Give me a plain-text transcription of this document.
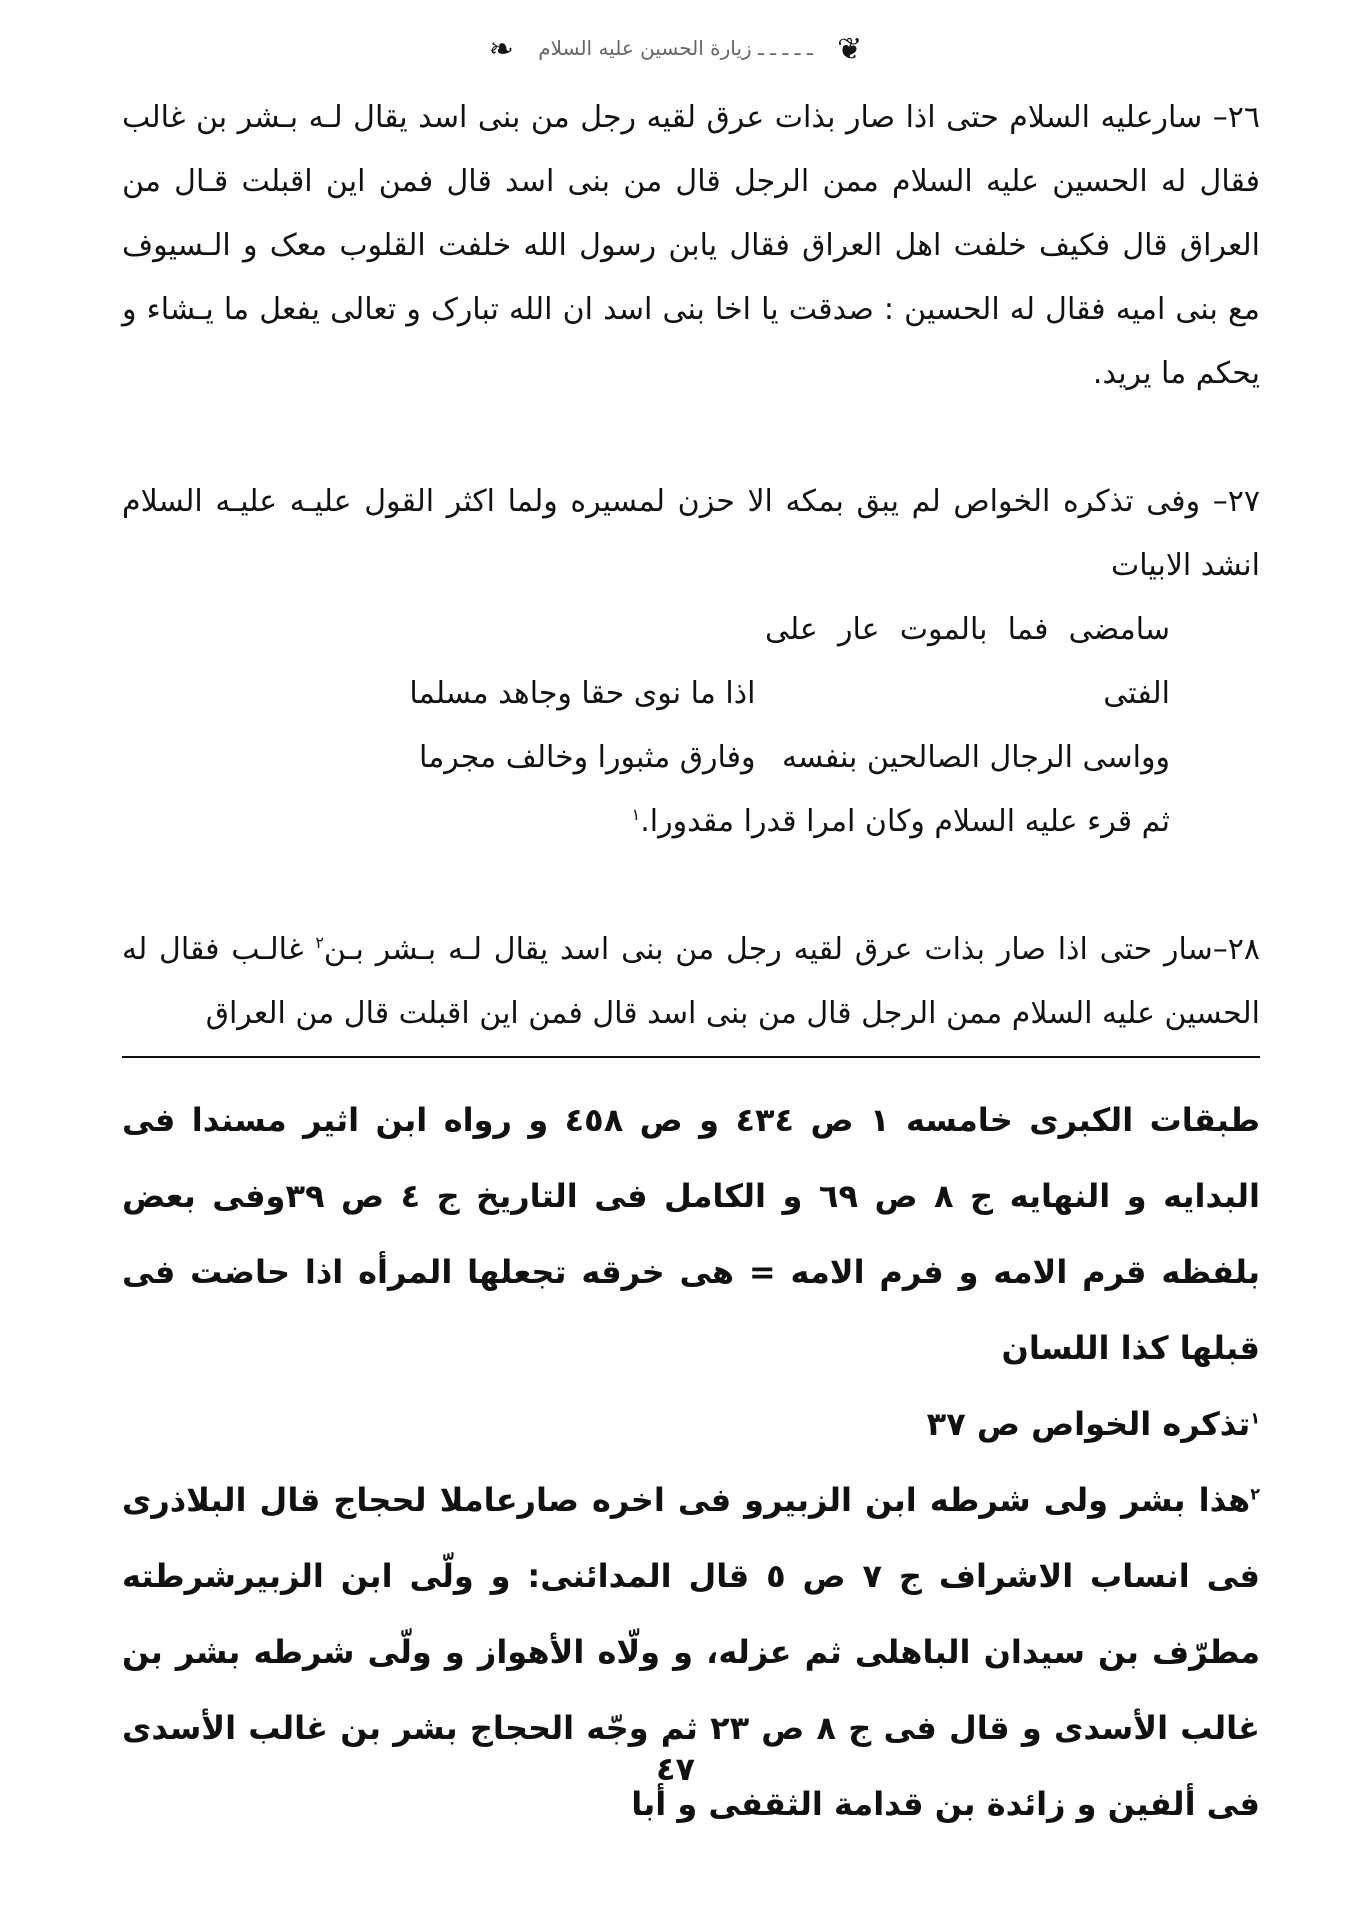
❦ ـ ـ ـ ـ ـ زيارة الحسين عليه السلام ❧

٢٦– سارعليه السلام حتى اذا صار بذات عرق لقيه رجل من بنى اسد يقال لـه بـشر بن غالب فقال له الحسين عليه السلام ممن الرجل قال من بنى اسد قال فمن اين اقبلت قـال من العراق قال فكيف خلفت اهل العراق فقال يابن رسول الله خلفت القلوب معک و الـسيوف مع بنى اميه فقال له الحسين : صدقت يا اخا بنى اسد ان الله تبارک و تعالى يفعل ما يـشاء و يحكم ما يريد.

٢٧– وفى تذكره الخواص لم يبق بمكه الا حزن لمسيره ولما اكثر القول عليـه عليـه السلام انشد الابيات

سامضى فما بالموت عار على الفتى اذا ما نوى حقا وجاهد مسلما

وواسى الرجال الصالحين بنفسه وفارق مثبورا وخالف مجرما

ثم قرء عليه السلام وكان امرا قدرا مقدورا.$^١$

٢٨–سار حتى اذا صار بذات عرق لقيه رجل من بنى اسد يقال لـه بـشر بـن$^٢$ غالـب فقال له الحسين عليه السلام ممن الرجل قال من بنى اسد قال فمن اين اقبلت قال من العراق

طبقات الكبرى خامسه ١ ص ٤٣٤ و ص ٤٥٨ و رواه ابن اثير مسندا فى البدايه و النهايه ج ٨ ص ٦٩ و الكامل فى التاريخ ج ٤ ص ٣٩وفى بعض بلفظه قرم الامه و فرم الامه = هى خرقه تجعلها المرأه اذا حاضت فى قبلها كذا اللسان

$^١$تذكره الخواص ص ٣٧

$^٢$هذا بشر ولى شرطه ابن الزبيرو فى اخره صارعاملا لحجاج قال البلاذرى فى انساب الاشراف ج ٧ ص ٥ قال المدائنى: و ولّى ابن الزبيرشرطته مطرّف بن سيدان الباهلى ثم عزله، و ولّاه الأهواز و ولّى شرطه بشر بن غالب الأسدى و قال فى ج ٨ ص ٢٣ ثم وجّه الحجاج بشر بن غالب الأسدى فى ألفين و زائدة بن قدامة الثقفى و أبا

٤٧
